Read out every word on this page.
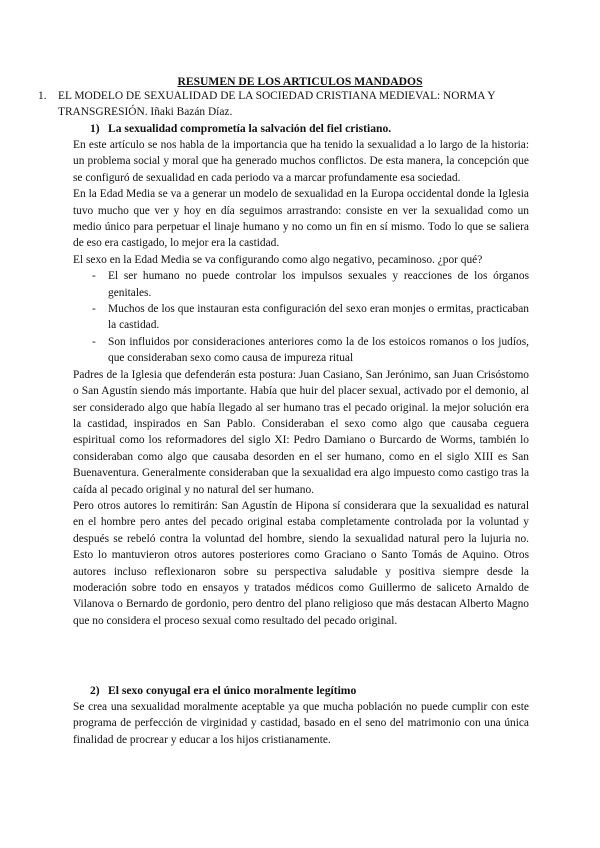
RESUMEN DE LOS ARTICULOS MANDADOS
1. EL MODELO DE SEXUALIDAD DE LA SOCIEDAD CRISTIANA MEDIEVAL: NORMA Y TRANSGRESIÓN. Iñaki Bazán Díaz.
1) La sexualidad comprometía la salvación del fiel cristiano.

En este artículo se nos habla de la importancia que ha tenido la sexualidad a lo largo de la historia: un problema social y moral que ha generado muchos conflictos. De esta manera, la concepción que se configuró de sexualidad en cada periodo va a marcar profundamente esa sociedad.

En la Edad Media se va a generar un modelo de sexualidad en la Europa occidental donde la Iglesia tuvo mucho que ver y hoy en día seguimos arrastrando: consiste en ver la sexualidad como un medio único para perpetuar el linaje humano y no como un fin en sí mismo. Todo lo que se saliera de eso era castigado, lo mejor era la castidad.

El sexo en la Edad Media se va configurando como algo negativo, pecaminoso. ¿por qué?

- El ser humano no puede controlar los impulsos sexuales y reacciones de los órganos genitales.
- Muchos de los que instauran esta configuración del sexo eran monjes o ermitas, practicaban la castidad.
- Son influidos por consideraciones anteriores como la de los estoicos romanos o los judíos, que consideraban sexo como causa de impureza ritual

Padres de la Iglesia que defenderán esta postura: Juan Casiano, San Jerónimo, san Juan Crisóstomo o San Agustín siendo más importante. Había que huir del placer sexual, activado por el demonio, al ser considerado algo que había llegado al ser humano tras el pecado original. la mejor solución era la castidad, inspirados en San Pablo. Consideraban el sexo como algo que causaba ceguera espiritual como los reformadores del siglo XI: Pedro Damiano o Burcardo de Worms, también lo consideraban como algo que causaba desorden en el ser humano, como en el siglo XIII es San Buenaventura. Generalmente consideraban que la sexualidad era algo impuesto como castigo tras la caída al pecado original y no natural del ser humano.

Pero otros autores lo remitirán: San Agustín de Hipona sí considerara que la sexualidad es natural en el hombre pero antes del pecado original estaba completamente controlada por la voluntad y después se rebeló contra la voluntad del hombre, siendo la sexualidad natural pero la lujuria no. Esto lo mantuvieron otros autores posteriores como Graciano o Santo Tomás de Aquino. Otros autores incluso reflexionaron sobre su perspectiva saludable y positiva siempre desde la moderación sobre todo en ensayos y tratados médicos como Guillermo de saliceto Arnaldo de Vilanova o Bernardo de gordonio, pero dentro del plano religioso que más destacan Alberto Magno que no considera el proceso sexual como resultado del pecado original.

2) El sexo conyugal era el único moralmente legítimo

Se crea una sexualidad moralmente aceptable ya que mucha población no puede cumplir con este programa de perfección de virginidad y castidad, basado en el seno del matrimonio con una única finalidad de procrear y educar a los hijos cristianamente.
